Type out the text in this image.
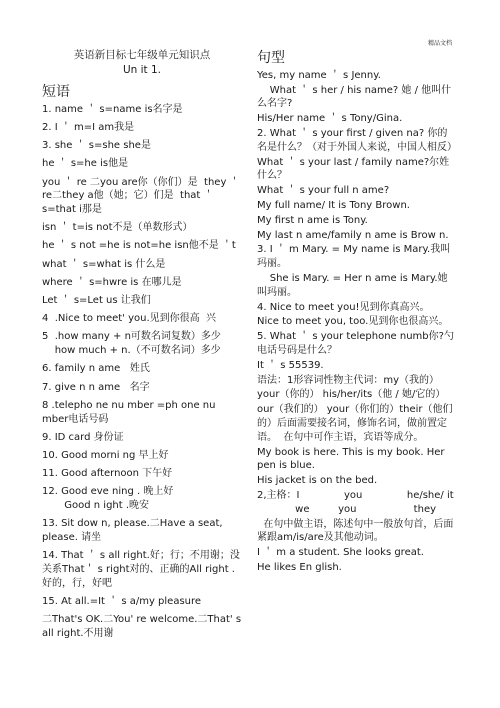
精品文档
英语新目标七年级单元知识点
Un it 1.
短语
1. name ＇ s=name is名字是
2. I ＇ m=I am我是
3. she ＇ s=she she是
he ＇ s=he is他是
you ＇ re 二you are你（你们）是  they ＇ re二they a他（她；它）们是  that ＇ s=that i那是
isn ＇ t=is not不是（单数形式）
he ＇ s not =he is not=he isn他不是 ＇t
what ＇ s=what is 什么是
where ＇ s=hwre is 在哪儿是
Let ＇ s=Let us 让我们
4  .Nice to meet' you.见到你很高  兴
5  .how many + n可数名词复数）多少
how much + n.（不可数名词）多少
6. family n ame   姓氏
7. give n n ame   名字
8 .telepho ne nu mber =ph one nu mber电话号码
9. ID card 身份证
10. Good morni ng 早上好
11. Good afternoon 下午好
12. Good eve ning . 晚上好
Good n ight .晚安
13. Sit dow n, please.二Have a seat, please. 请坐
14. That ＇ s all right.好；行；不用谢；没关系That＇ s right对的、正确的All right .好的，行，好吧
15. At all.=It ＇ s a/my pleasure
二That's OK.二You' re welcome.二That' s all right.不用谢
句型
Yes, my name ＇ s Jenny.
What ＇ s her / his name? 她 / 他叫什么名字?
His/Her name ＇ s Tony/Gina.
2. What ＇ s your first / given na? 你的名是什么？（对于外国人来说，中国人相反）
What ＇ s your last / family name?尔姓什么？
What ＇ s your full n ame?
My full name/ It is Tony Brown.
My first n ame is Tony.
My last n ame/family n ame is Brow n.
3. I ＇ m Mary. = My name is Mary.我叫玛丽。
She is Mary. = Her n ame is Mary.她叫玛丽。
4. Nice to meet you!见到你真高兴。
Nice to meet you, too.见到你也很高兴。
5. What ＇ s your telephone numb你?勺电话号码是什么？
It ＇ s 55539.
语法：1形容词性物主代词：my（我的）
your（你的） his/her/its（他 / 她/它的）
our（我们的） your（你们的）their（他们的）后面需要接名词，修饰名词，做前置定语。  在句中可作主语，宾语等成分。
My book is here. This is my book. Her pen is blue.
His jacket is on the bed.
2,主格：I              you              he/she/ it
we         you                  they
在句中做主语，陈述句中一般放句首，后面紧跟am/is/are及其他动词。
I ＇ m a student. She looks great.
He likes En glish.
